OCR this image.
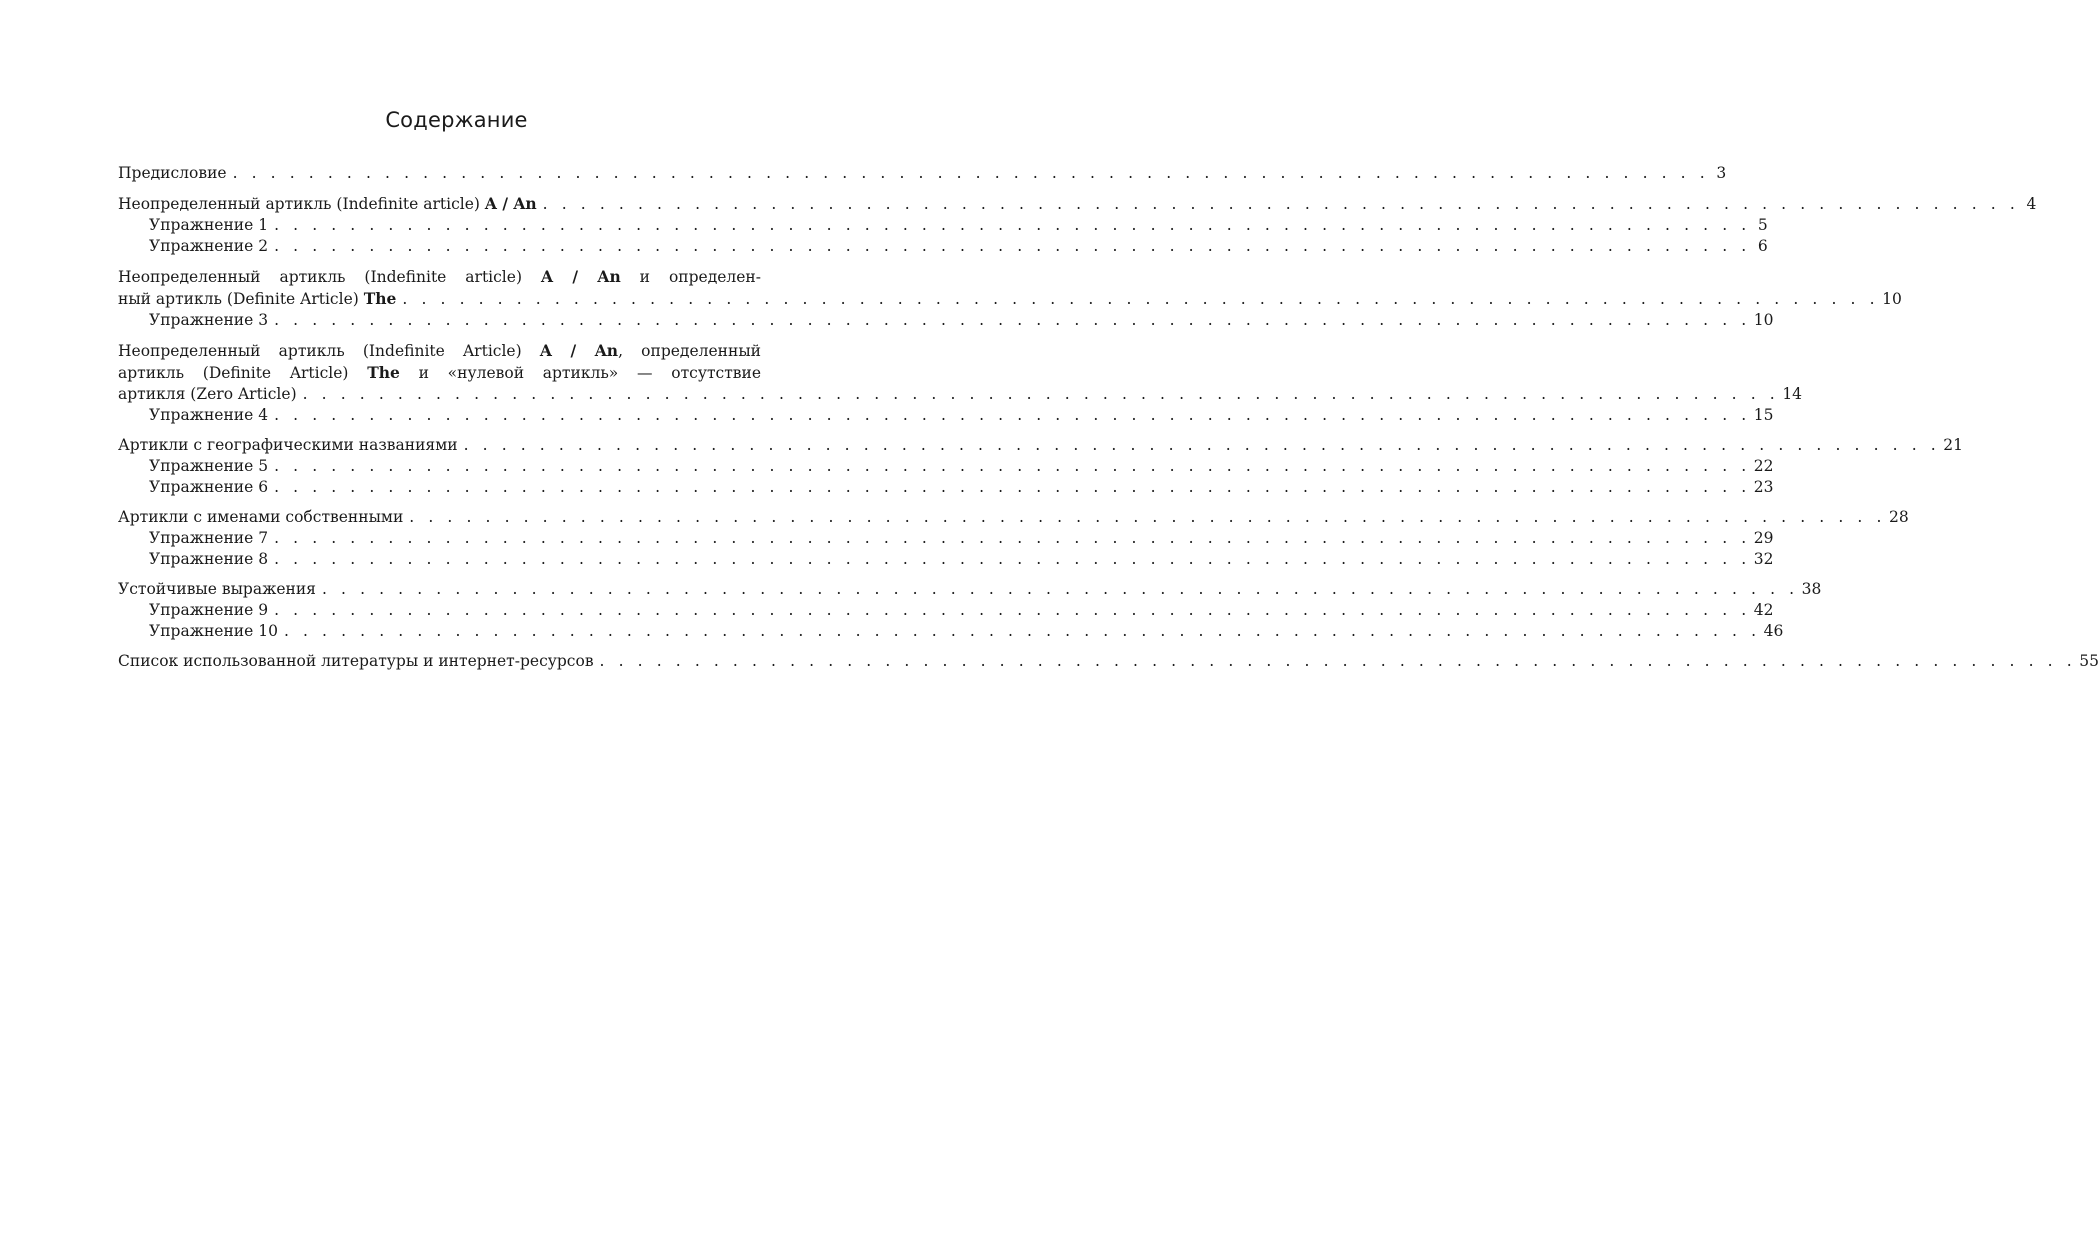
Содержание
Предисловие . . . . . . . . . . . . . . . . . . . . . . . . . . . . . . . . . . . . . . . . . . . . . . . . . . . . . . . . . . . . . . . . . . . . . . . . . . . . . . 3
Неопределенный артикль (Indefinite article) A / An . . . . . . . . . . . . . . . . . . . . . . . . . . . . . . . . . . . . . . . . . . . . . . . . . . . . . . . . . . . . . . . . . . . . . . . . . . . . . . 4
Упражнение 1 . . . . . . . . . . . . . . . . . . . . . . . . . . . . . . . . . . . . . . . . . . . . . . . . . . . . . . . . . . . . . . . . . . . . . . . . . . . . . . 5
Упражнение 2 . . . . . . . . . . . . . . . . . . . . . . . . . . . . . . . . . . . . . . . . . . . . . . . . . . . . . . . . . . . . . . . . . . . . . . . . . . . . . . 6
Неопределенный артикль (Indefinite article) A / An и определен-
ный артикль (Definite Article) The . . . . . . . . . . . . . . . . . . . . . . . . . . . . . . . . . . . . . . . . . . . . . . . . . . . . . . . . . . . . . . . . . . . . . . . . . . . . . . 10
Упражнение 3 . . . . . . . . . . . . . . . . . . . . . . . . . . . . . . . . . . . . . . . . . . . . . . . . . . . . . . . . . . . . . . . . . . . . . . . . . . . . . . 10
Неопределенный артикль (Indefinite Article) A / An, определенный
артикль (Definite Article) The и «нулевой артикль» — отсутствие
артикля (Zero Article) . . . . . . . . . . . . . . . . . . . . . . . . . . . . . . . . . . . . . . . . . . . . . . . . . . . . . . . . . . . . . . . . . . . . . . . . . . . . . . 14
Упражнение 4 . . . . . . . . . . . . . . . . . . . . . . . . . . . . . . . . . . . . . . . . . . . . . . . . . . . . . . . . . . . . . . . . . . . . . . . . . . . . . . 15
Артикли с географическими названиями . . . . . . . . . . . . . . . . . . . . . . . . . . . . . . . . . . . . . . . . . . . . . . . . . . . . . . . . . . . . . . . . . . . . . . . . . . . . . . 21
Упражнение 5 . . . . . . . . . . . . . . . . . . . . . . . . . . . . . . . . . . . . . . . . . . . . . . . . . . . . . . . . . . . . . . . . . . . . . . . . . . . . . . 22
Упражнение 6 . . . . . . . . . . . . . . . . . . . . . . . . . . . . . . . . . . . . . . . . . . . . . . . . . . . . . . . . . . . . . . . . . . . . . . . . . . . . . . 23
Артикли с именами собственными . . . . . . . . . . . . . . . . . . . . . . . . . . . . . . . . . . . . . . . . . . . . . . . . . . . . . . . . . . . . . . . . . . . . . . . . . . . . . . 28
Упражнение 7 . . . . . . . . . . . . . . . . . . . . . . . . . . . . . . . . . . . . . . . . . . . . . . . . . . . . . . . . . . . . . . . . . . . . . . . . . . . . . . 29
Упражнение 8 . . . . . . . . . . . . . . . . . . . . . . . . . . . . . . . . . . . . . . . . . . . . . . . . . . . . . . . . . . . . . . . . . . . . . . . . . . . . . . 32
Устойчивые выражения . . . . . . . . . . . . . . . . . . . . . . . . . . . . . . . . . . . . . . . . . . . . . . . . . . . . . . . . . . . . . . . . . . . . . . . . . . . . . . 38
Упражнение 9 . . . . . . . . . . . . . . . . . . . . . . . . . . . . . . . . . . . . . . . . . . . . . . . . . . . . . . . . . . . . . . . . . . . . . . . . . . . . . . 42
Упражнение 10 . . . . . . . . . . . . . . . . . . . . . . . . . . . . . . . . . . . . . . . . . . . . . . . . . . . . . . . . . . . . . . . . . . . . . . . . . . . . . . 46
Список использованной литературы и интернет-ресурсов . . . . . . . . . . . . . . . . . . . . . . . . . . . . . . . . . . . . . . . . . . . . . . . . . . . . . . . . . . . . . . . . . . . . . . . . . . . . . . 55
